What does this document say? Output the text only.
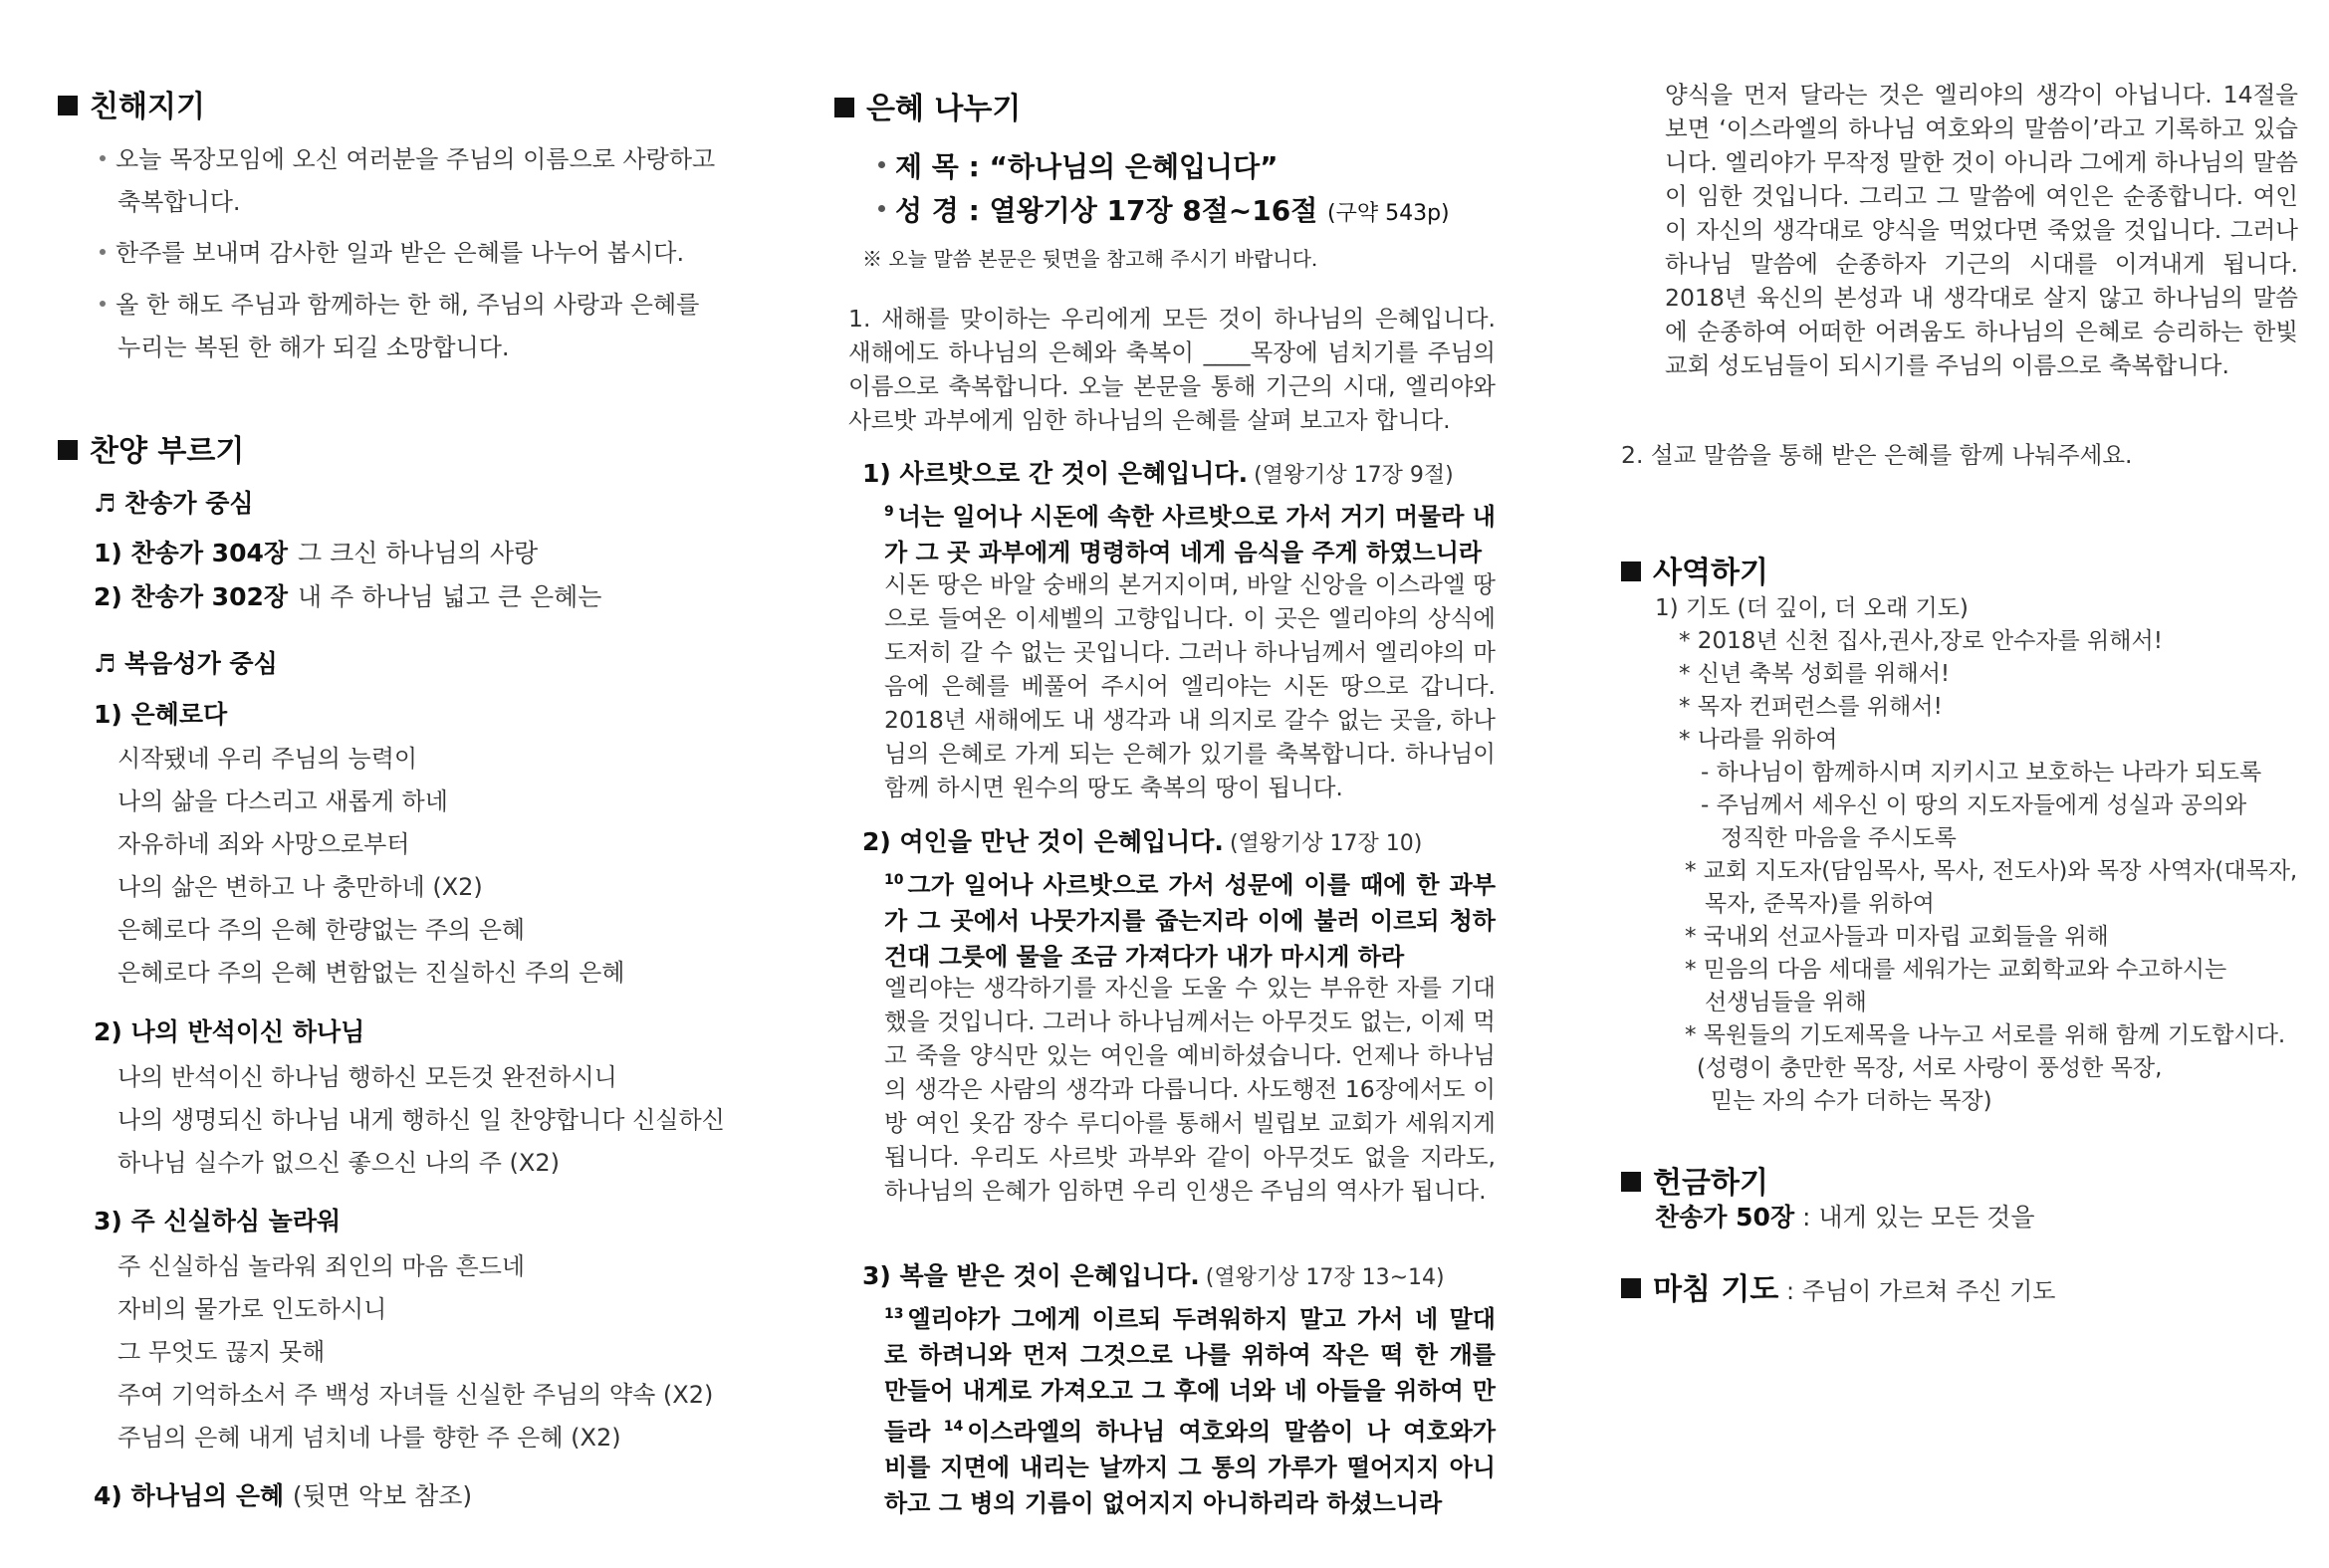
친해지기
오늘 목장모임에 오신 여러분을 주님의 이름으로 사랑하고
축복합니다.
한주를 보내며 감사한 일과 받은 은혜를 나누어 봅시다.
올 한 해도 주님과 함께하는 한 해, 주님의 사랑과 은혜를
누리는 복된 한 해가 되길 소망합니다.
찬양 부르기
♬ 찬송가 중심
1) 찬송가 304장 그 크신 하나님의 사랑
2) 찬송가 302장 내 주 하나님 넓고 큰 은혜는
♬ 복음성가 중심
1) 은혜로다
시작됐네 우리 주님의 능력이
나의 삶을 다스리고 새롭게 하네
자유하네 죄와 사망으로부터
나의 삶은 변하고 나 충만하네 (X2)
은혜로다 주의 은혜 한량없는 주의 은혜
은혜로다 주의 은혜 변함없는 진실하신 주의 은혜
2) 나의 반석이신 하나님
나의 반석이신 하나님 행하신 모든것 완전하시니
나의 생명되신 하나님 내게 행하신 일 찬양합니다 신실하신
하나님 실수가 없으신 좋으신 나의 주 (X2)
3) 주 신실하심 놀라워
주 신실하심 놀라워 죄인의 마음 흔드네
자비의 물가로 인도하시니
그 무엇도 끊지 못해
주여 기억하소서 주 백성 자녀들 신실한 주님의 약속 (X2)
주님의 은혜 내게 넘치네 나를 향한 주 은혜 (X2)
4) 하나님의 은혜 (뒷면 악보 참조)
은혜 나누기
제 목 : “하나님의 은혜입니다”
성 경 : 열왕기상 17장 8절~16절 (구약 543p)
※ 오늘 말씀 본문은 뒷면을 참고해 주시기 바랍니다.
1. 새해를 맞이하는 우리에게 모든 것이 하나님의 은혜입니다. 새해에도 하나님의 은혜와 축복이 ____목장에 넘치기를 주님의 이름으로 축복합니다. 오늘 본문을 통해 기근의 시대, 엘리야와 사르밧 과부에게 임한 하나님의 은혜를 살펴 보고자 합니다.
1) 사르밧으로 간 것이 은혜입니다. (열왕기상 17장 9절)
$^9$ 너는 일어나 시돈에 속한 사르밧으로 가서 거기 머물라 내가 그 곳 과부에게 명령하여 네게 음식을 주게 하였느니라
시돈 땅은 바알 숭배의 본거지이며, 바알 신앙을 이스라엘 땅으로 들여온 이세벨의 고향입니다. 이 곳은 엘리야의 상식에 도저히 갈 수 없는 곳입니다. 그러나 하나님께서 엘리야의 마음에 은혜를 베풀어 주시어 엘리야는 시돈 땅으로 갑니다. 2018년 새해에도 내 생각과 내 의지로 갈수 없는 곳을, 하나님의 은혜로 가게 되는 은혜가 있기를 축복합니다. 하나님이 함께 하시면 원수의 땅도 축복의 땅이 됩니다.
2) 여인을 만난 것이 은혜입니다. (열왕기상 17장 10)
$^{10}$ 그가 일어나 사르밧으로 가서 성문에 이를 때에 한 과부가 그 곳에서 나뭇가지를 줍는지라 이에 불러 이르되 청하건대 그릇에 물을 조금 가져다가 내가 마시게 하라
엘리야는 생각하기를 자신을 도울 수 있는 부유한 자를 기대했을 것입니다. 그러나 하나님께서는 아무것도 없는, 이제 먹고 죽을 양식만 있는 여인을 예비하셨습니다. 언제나 하나님의 생각은 사람의 생각과 다릅니다. 사도행전 16장에서도 이방 여인 옷감 장수 루디아를 통해서 빌립보 교회가 세워지게 됩니다. 우리도 사르밧 과부와 같이 아무것도 없을 지라도, 하나님의 은혜가 임하면 우리 인생은 주님의 역사가 됩니다.
3) 복을 받은 것이 은혜입니다. (열왕기상 17장 13~14)
$^{13}$ 엘리야가 그에게 이르되 두려워하지 말고 가서 네 말대로 하려니와 먼저 그것으로 나를 위하여 작은 떡 한 개를 만들어 내게로 가져오고 그 후에 너와 네 아들을 위하여 만들라 $^{14}$ 이스라엘의 하나님 여호와의 말씀이 나 여호와가 비를 지면에 내리는 날까지 그 통의 가루가 떨어지지 아니하고 그 병의 기름이 없어지지 아니하리라 하셨느니라
양식을 먼저 달라는 것은 엘리야의 생각이 아닙니다. 14절을 보면 ‘이스라엘의 하나님 여호와의 말씀이’라고 기록하고 있습니다. 엘리야가 무작정 말한 것이 아니라 그에게 하나님의 말씀이 임한 것입니다. 그리고 그 말씀에 여인은 순종합니다. 여인이 자신의 생각대로 양식을 먹었다면 죽었을 것입니다. 그러나 하나님 말씀에 순종하자 기근의 시대를 이겨내게 됩니다. 2018년 육신의 본성과 내 생각대로 살지 않고 하나님의 말씀에 순종하여 어떠한 어려움도 하나님의 은혜로 승리하는 한빛교회 성도님들이 되시기를 주님의 이름으로 축복합니다.
2. 설교 말씀을 통해 받은 은혜를 함께 나눠주세요.
사역하기
1) 기도 (더 깊이, 더 오래 기도)
* 2018년 신천 집사,권사,장로 안수자를 위해서!
* 신년 축복 성회를 위해서!
* 목자 컨퍼런스를 위해서!
* 나라를 위하여
- 하나님이 함께하시며 지키시고 보호하는 나라가 되도록
- 주님께서 세우신 이 땅의 지도자들에게 성실과 공의와
정직한 마음을 주시도록
* 교회 지도자(담임목사, 목사, 전도사)와 목장 사역자(대목자,
목자, 준목자)를 위하여
* 국내외 선교사들과 미자립 교회들을 위해
* 믿음의 다음 세대를 세워가는 교회학교와 수고하시는
선생님들을 위해
* 목원들의 기도제목을 나누고 서로를 위해 함께 기도합시다.
(성령이 충만한 목장, 서로 사랑이 풍성한 목장,
믿는 자의 수가 더하는 목장)
헌금하기
찬송가 50장 : 내게 있는 모든 것을
마침 기도 : 주님이 가르쳐 주신 기도
